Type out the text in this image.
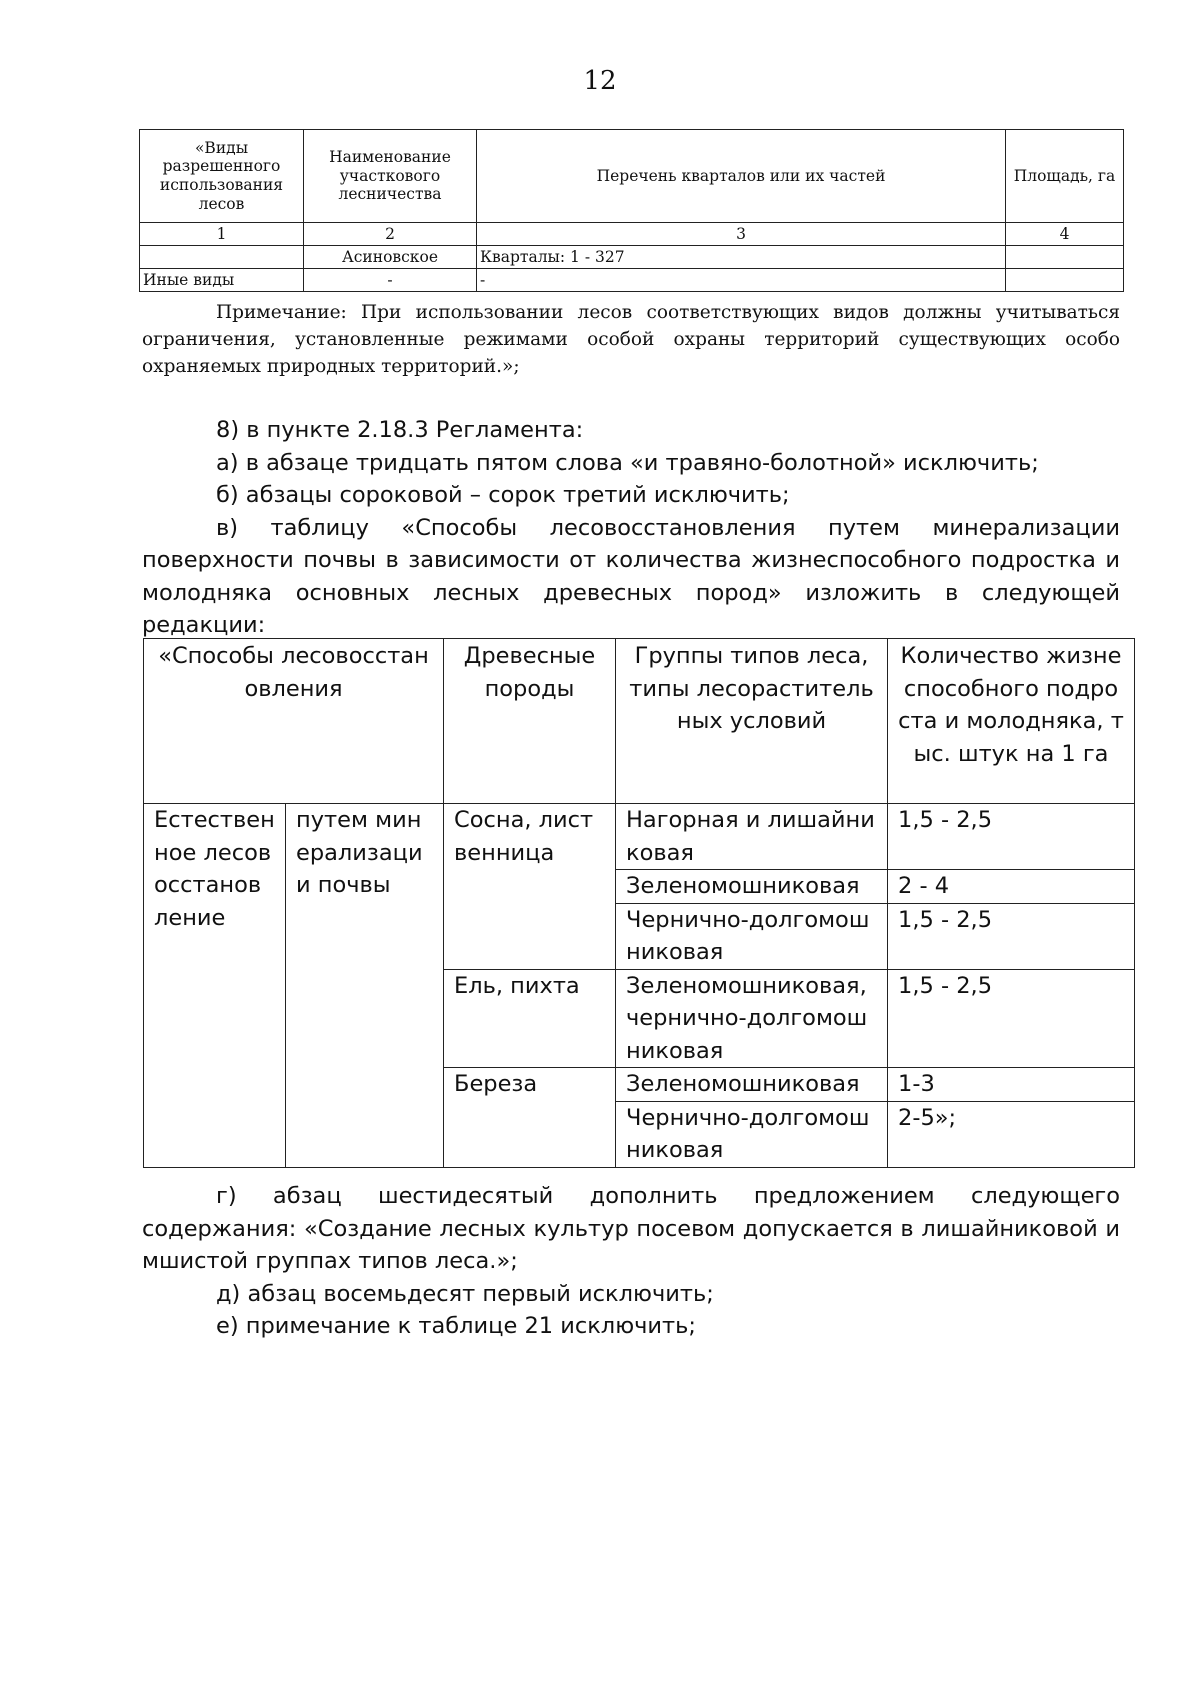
12
«Виды разрешенного использования лесов	Наименование участкового лесничества	Перечень кварталов или их частей	Площадь, га
1	2	3	4
	Асиновское	Кварталы: 1 - 327	
Иные виды	-	-	
Примечание: При использовании лесов соответствующих видов должны учитываться ограничения, установленные режимами особой охраны территорий существующих особо охраняемых природных территорий.»;

8) в пункте 2.18.3 Регламента:

а) в абзаце тридцать пятом слова «и травяно-болотной» исключить;

б) абзацы сороковой – сорок третий исключить;

в) таблицу «Способы лесовосстановления путем минерализации

поверхности почвы в зависимости от количества жизнеспособного подростка и

молодняка основных лесных древесных пород» изложить в следующей

редакции:

«Способы лесовосстановления		Древесные породы	Группы типов леса, типы лесорастительных условий	Количество жизнеспособного подроста и молодняка, тыс. штук на 1 га
Естественное лесовосстановление	путем минерализации почвы	Сосна, лиственница	Нагорная и лишайниковая	1,5 - 2,5
			Зеленомошниковая	2 - 4
			Чернично-долгомошниковая	1,5 - 2,5
		Ель, пихта	Зеленомошниковая, чернично-долгомошниковая	1,5 - 2,5
		Береза	Зеленомошниковая	1-3
			Чернично-долгомошниковая	2-5»;

г) абзац шестидесятый дополнить предложением следующего

содержания: «Создание лесных культур посевом допускается в лишайниковой и мшистой группах типов леса.»;

д) абзац восемьдесят первый исключить;

е) примечание к таблице 21 исключить;
